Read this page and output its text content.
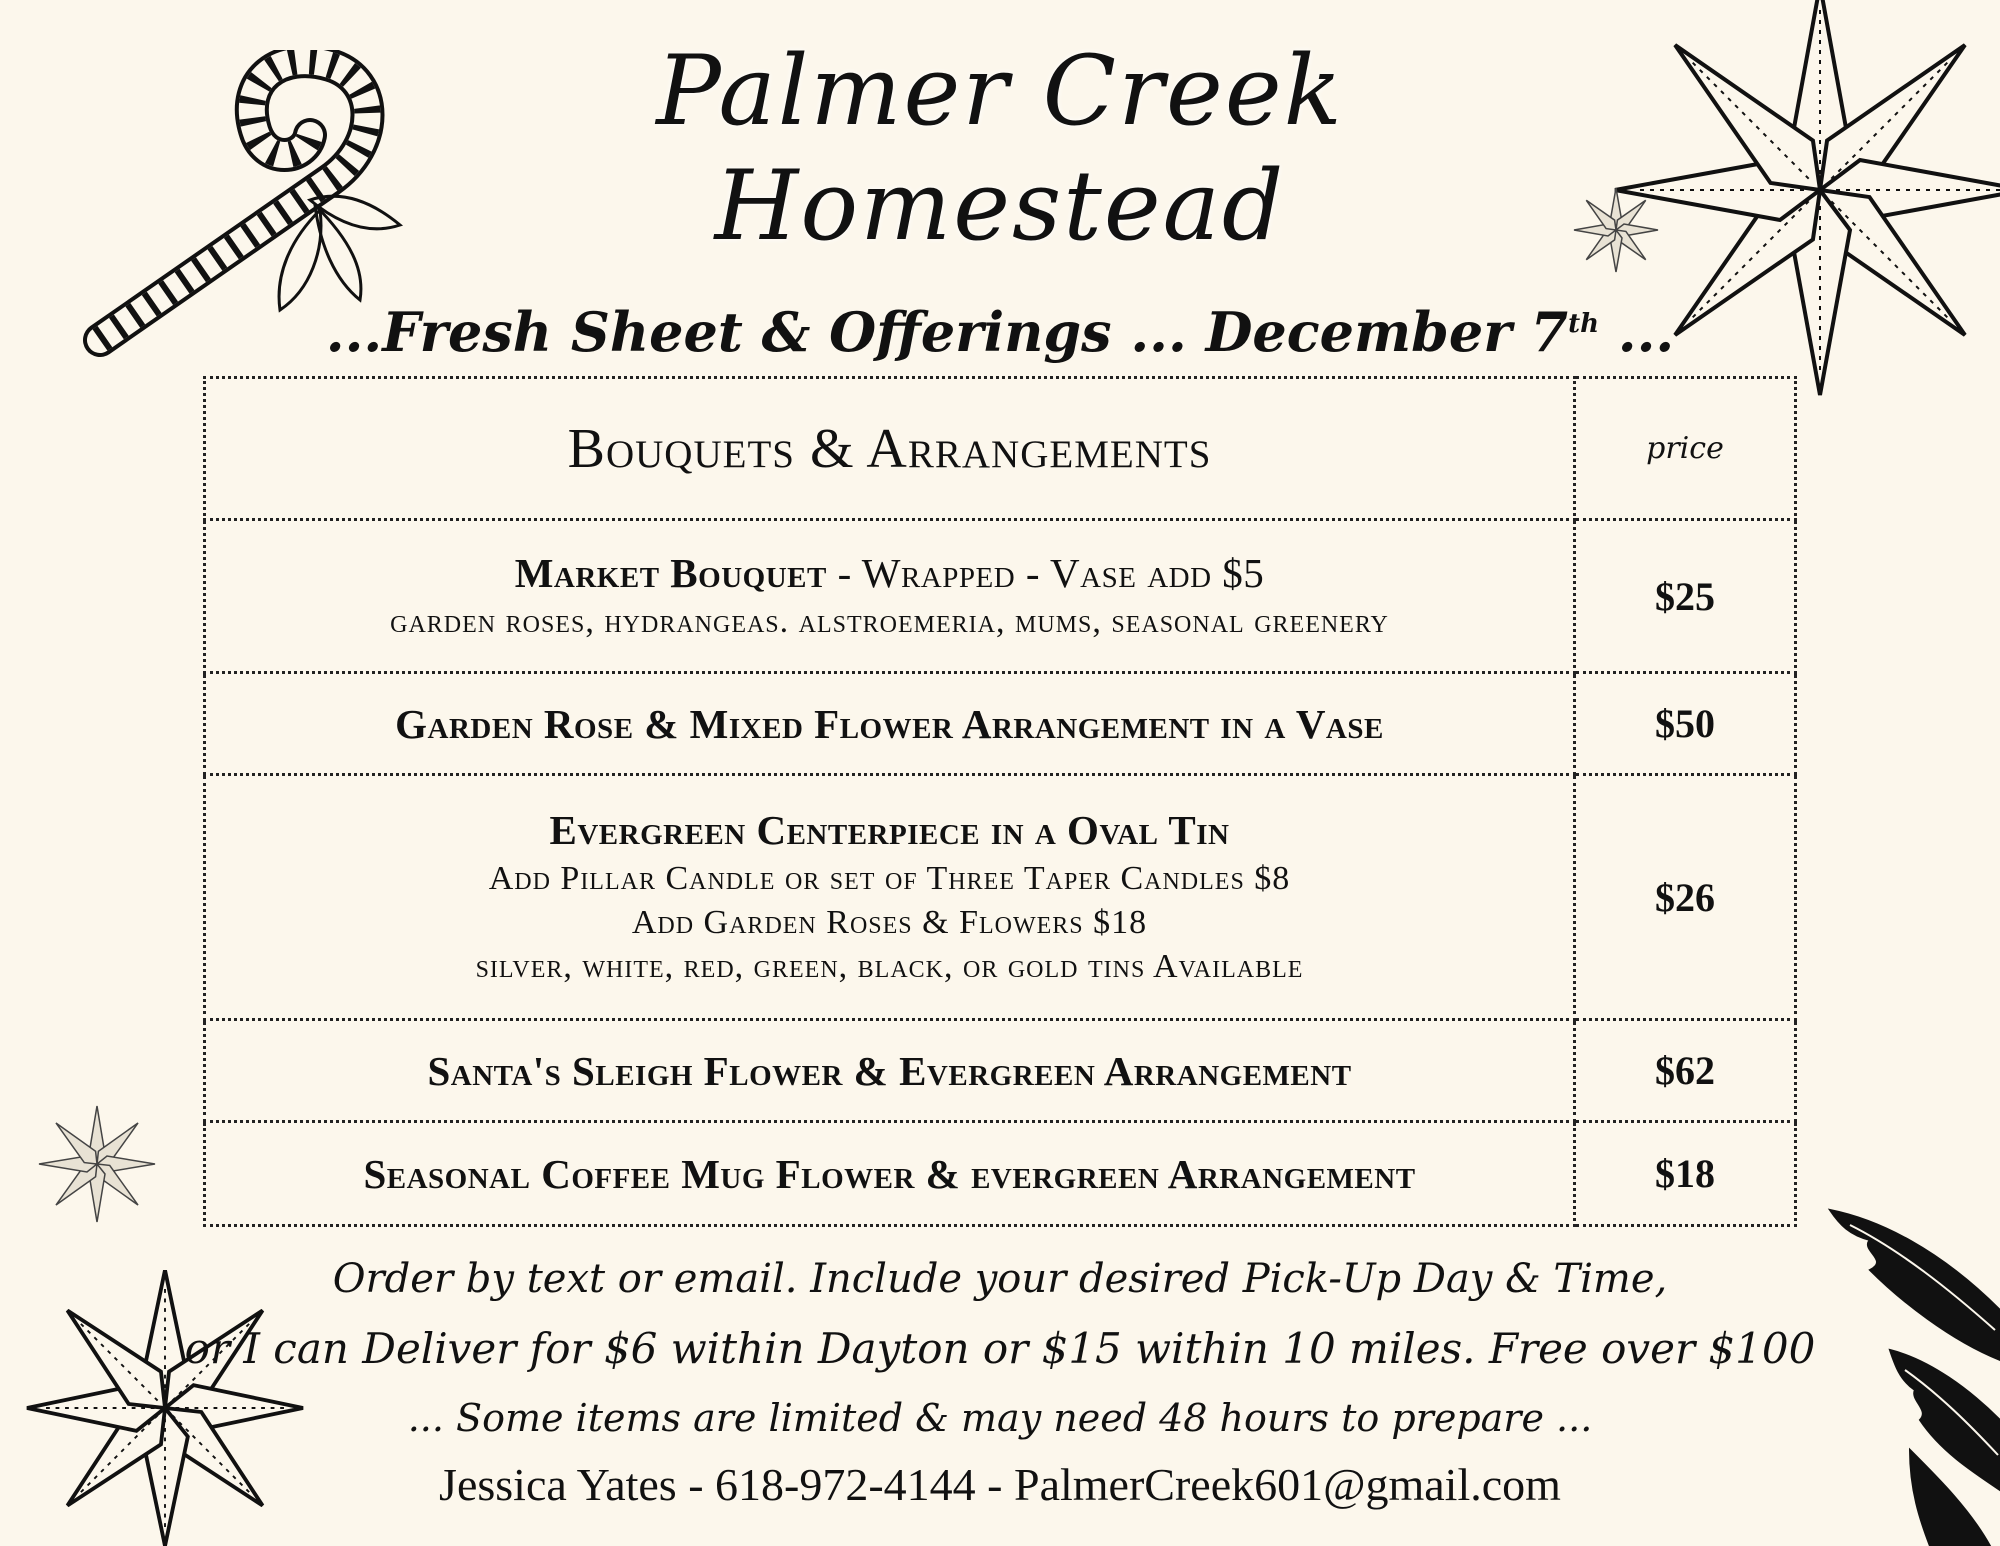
Palmer Creek
Homestead
...Fresh Sheet & Offerings ... December 7th ...
Bouquets & Arrangements	price

Market Bouquet - Wrapped - Vase add $5
garden roses, hydrangeas. alstroemeria, mums, seasonal greenery	$25

Garden Rose & Mixed Flower Arrangement in a Vase	$50

Evergreen Centerpiece in a Oval Tin
Add Pillar Candle or set of Three Taper Candles $8
Add Garden Roses & Flowers $18
silver, white, red, green, black, or gold tins Available	$26

Santa's Sleigh Flower & Evergreen Arrangement	$62

Seasonal Coffee Mug Flower & evergreen Arrangement	$18
Order by text or email. Include your desired Pick-Up Day & Time,
or I can Deliver for $6 within Dayton or $15 within 10 miles. Free over $100
... Some items are limited & may need 48 hours to prepare ...
Jessica Yates - 618-972-4144 - PalmerCreek601@gmail.com
